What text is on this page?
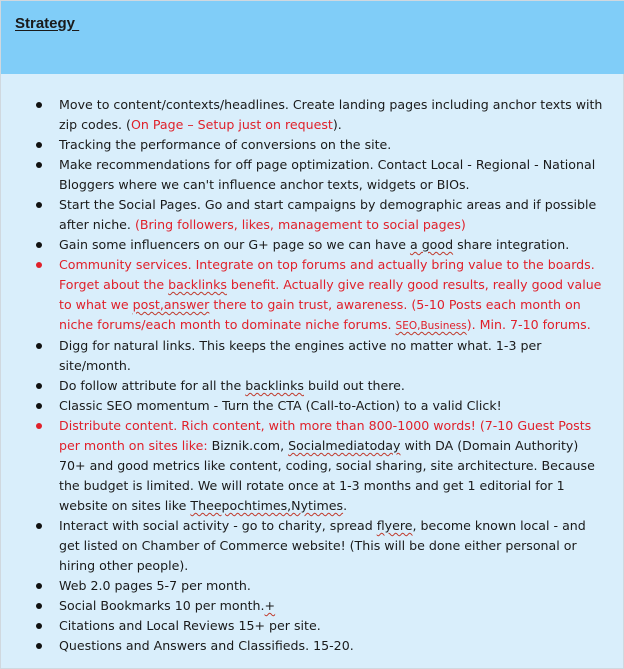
Strategy
Move to content/contexts/headlines. Create landing pages including anchor texts with zip codes. (On Page – Setup just on request).
Tracking the performance of conversions on the site.
Make recommendations for off page optimization. Contact Local - Regional - National Bloggers where we can't influence anchor texts, widgets or BIOs.
Start the Social Pages. Go and start campaigns by demographic areas and if possible after niche. (Bring followers, likes, management to social pages)
Gain some influencers on our G+ page so we can have a good share integration.
Community services. Integrate on top forums and actually bring value to the boards. Forget about the backlinks benefit. Actually give really good results, really good value to what we post,answer there to gain trust, awareness. (5-10 Posts each month on niche forums/each month to dominate niche forums. SEO,Business). Min. 7-10 forums.
Digg for natural links. This keeps the engines active no matter what. 1-3 per site/month.
Do follow attribute for all the backlinks build out there.
Classic SEO momentum - Turn the CTA (Call-to-Action) to a valid Click!
Distribute content. Rich content, with more than 800-1000 words! (7-10 Guest Posts per month on sites like: Biznik.com, Socialmediatoday with DA (Domain Authority) 70+ and good metrics like content, coding, social sharing, site architecture. Because the budget is limited. We will rotate once at 1-3 months and get 1 editorial for 1 website on sites like Theepochtimes,Nytimes.
Interact with social activity - go to charity, spread flyere, become known local - and get listed on Chamber of Commerce website! (This will be done either personal or hiring other people).
Web 2.0 pages 5-7 per month.
Social Bookmarks 10 per month.+
Citations and Local Reviews 15+ per site.
Questions and Answers and Classifieds. 15-20.
